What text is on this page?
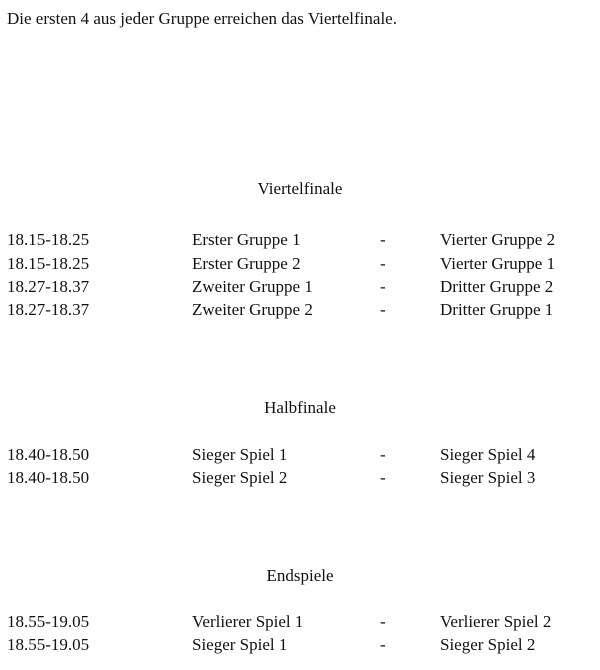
Die ersten 4 aus jeder Gruppe erreichen das Viertelfinale.
Viertelfinale
18.15-18.25	Erster Gruppe 1	-	Vierter Gruppe 2
18.15-18.25	Erster Gruppe 2	-	Vierter Gruppe 1
18.27-18.37	Zweiter Gruppe 1	-	Dritter Gruppe 2
18.27-18.37	Zweiter Gruppe 2	-	Dritter Gruppe 1
Halbfinale
18.40-18.50	Sieger Spiel 1	-	Sieger Spiel 4
18.40-18.50	Sieger Spiel 2	-	Sieger Spiel 3
Endspiele
18.55-19.05	Verlierer Spiel 1	-	Verlierer Spiel 2
18.55-19.05	Sieger Spiel 1	-	Sieger Spiel 2
